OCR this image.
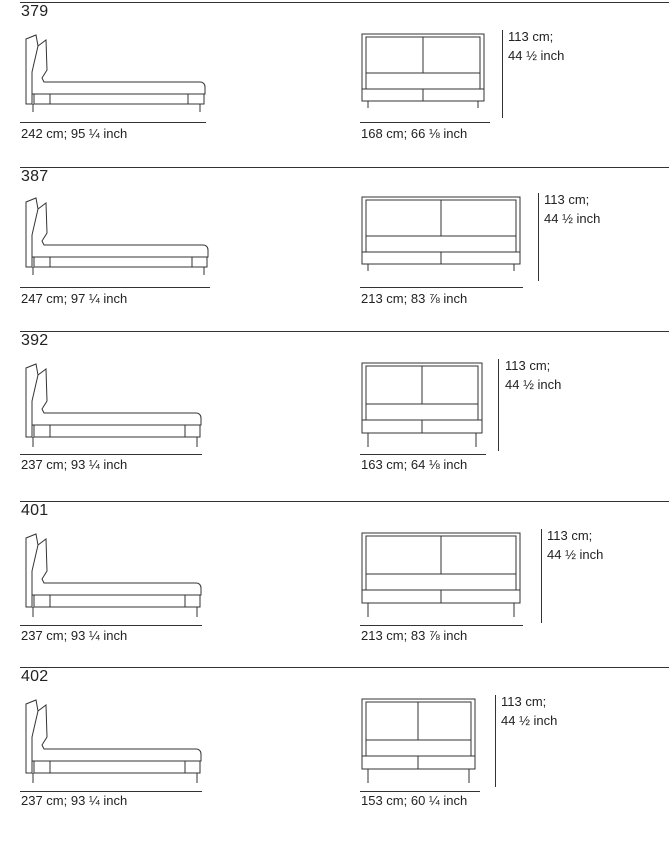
379
242 cm; 95 ¼ inch	168 cm; 66 ⅛ inch
113 cm;
44 ½ inch
387
247 cm; 97 ¼ inch	213 cm; 83 ⅞ inch
113 cm;
44 ½ inch
392
237 cm; 93 ¼ inch	163 cm; 64 ⅛ inch
113 cm;
44 ½ inch
401
237 cm; 93 ¼ inch	213 cm; 83 ⅞ inch
113 cm;
44 ½ inch
402
237 cm; 93 ¼ inch	153 cm; 60 ¼ inch
113 cm;
44 ½ inch
